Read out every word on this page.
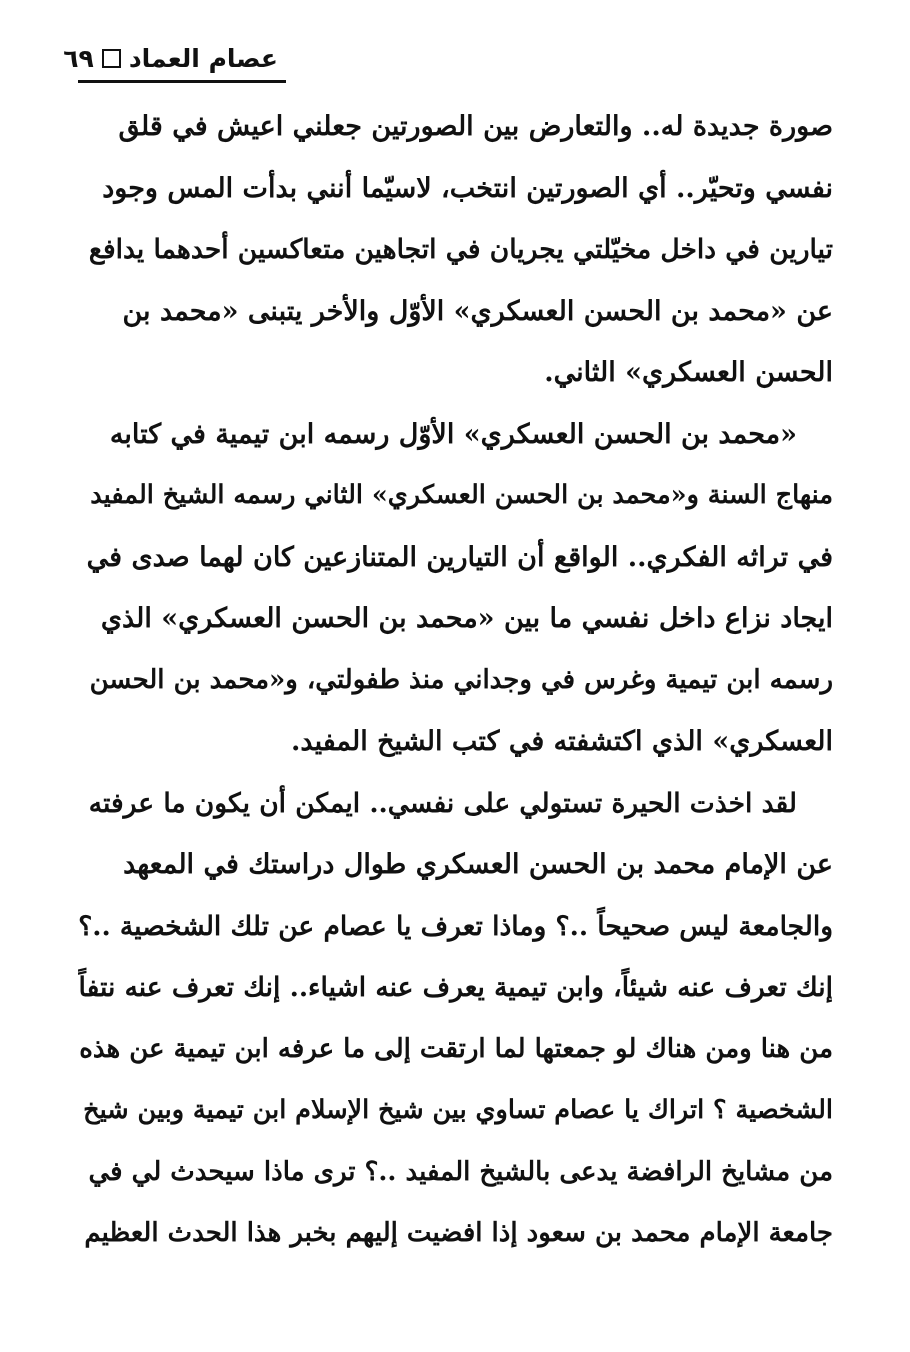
عصام العماد
٦٩
صورة جديدة له.. والتعارض بين الصورتين جعلني اعيش في قلق
نفسي وتحيّر.. أي الصورتين انتخب، لاسيّما أنني بدأت المس وجود
تيارين في داخل مخيّلتي يجريان في اتجاهين متعاكسين أحدهما يدافع
عن «محمد بن الحسن العسكري» الأوّل والأخر يتبنى «محمد بن
الحسن العسكري» الثاني.
«محمد بن الحسن العسكري» الأوّل رسمه ابن تيمية في كتابه
منهاج السنة و«محمد بن الحسن العسكري» الثاني رسمه الشيخ المفيد
في تراثه الفكري.. الواقع أن التيارين المتنازعين كان لهما صدى في
ايجاد نزاع داخل نفسي ما بين «محمد بن الحسن العسكري» الذي
رسمه ابن تيمية وغرس في وجداني منذ طفولتي، و«محمد بن الحسن
العسكري» الذي اكتشفته في كتب الشيخ المفيد.
لقد اخذت الحيرة تستولي على نفسي.. ايمكن أن يكون ما عرفته
عن الإمام محمد بن الحسن العسكري طوال دراستك في المعهد
والجامعة ليس صحيحاً ..؟ وماذا تعرف يا عصام عن تلك الشخصية ..؟
إنك تعرف عنه شيئاً، وابن تيمية يعرف عنه اشياء.. إنك تعرف عنه نتفاً
من هنا ومن هناك لو جمعتها لما ارتقت إلى ما عرفه ابن تيمية عن هذه
الشخصية ؟ اتراك يا عصام تساوي بين شيخ الإسلام ابن تيمية وبين شيخ
من مشايخ الرافضة يدعى بالشيخ المفيد ..؟ ترى ماذا سيحدث لي في
جامعة الإمام محمد بن سعود إذا افضيت إليهم بخبر هذا الحدث العظيم
